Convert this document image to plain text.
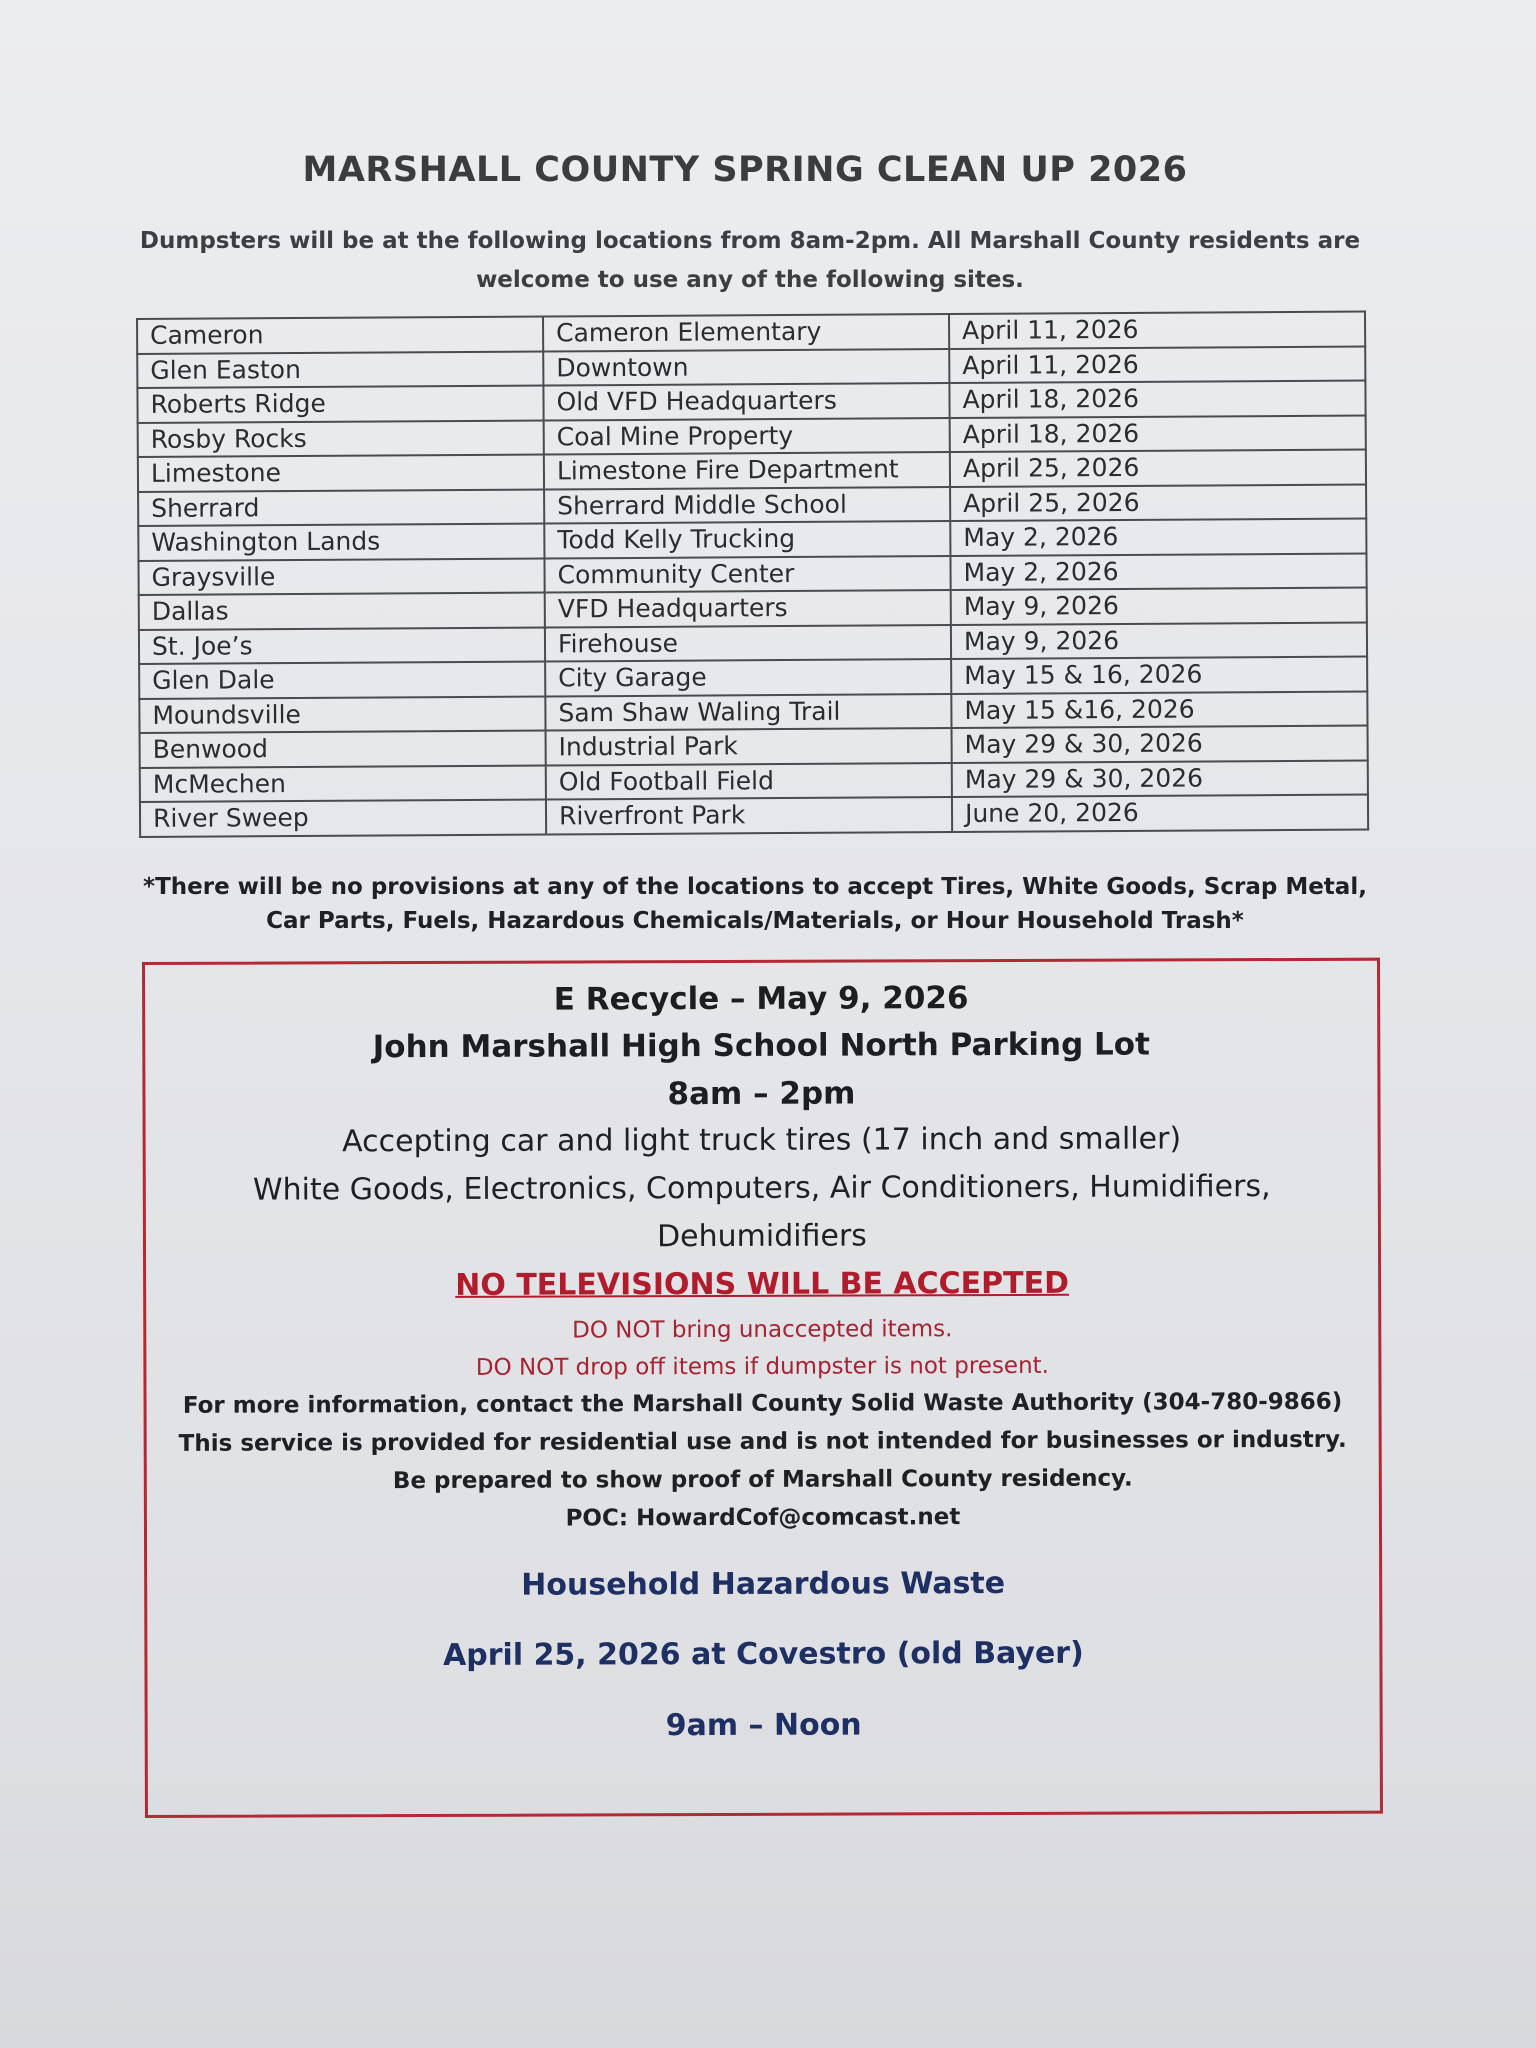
MARSHALL COUNTY SPRING CLEAN UP 2026
Dumpsters will be at the following locations from 8am-2pm. All Marshall County residents are
welcome to use any of the following sites.
Cameron	Cameron Elementary	April 11, 2026
Glen Easton	Downtown	April 11, 2026
Roberts Ridge	Old VFD Headquarters	April 18, 2026
Rosby Rocks	Coal Mine Property	April 18, 2026
Limestone	Limestone Fire Department	April 25, 2026
Sherrard	Sherrard Middle School	April 25, 2026
Washington Lands	Todd Kelly Trucking	May 2, 2026
Graysville	Community Center	May 2, 2026
Dallas	VFD Headquarters	May 9, 2026
St. Joe’s	Firehouse	May 9, 2026
Glen Dale	City Garage	May 15 & 16, 2026
Moundsville	Sam Shaw Waling Trail	May 15 &16, 2026
Benwood	Industrial Park	May 29 & 30, 2026
McMechen	Old Football Field	May 29 & 30, 2026
River Sweep	Riverfront Park	June 20, 2026
*There will be no provisions at any of the locations to accept Tires, White Goods, Scrap Metal,
Car Parts, Fuels, Hazardous Chemicals/Materials, or Hour Household Trash*
E Recycle – May 9, 2026
John Marshall High School North Parking Lot
8am – 2pm
Accepting car and light truck tires (17 inch and smaller)
White Goods, Electronics, Computers, Air Conditioners, Humidifiers,
Dehumidifiers
NO TELEVISIONS WILL BE ACCEPTED
DO NOT bring unaccepted items.
DO NOT drop off items if dumpster is not present.
For more information, contact the Marshall County Solid Waste Authority (304-780-9866)
This service is provided for residential use and is not intended for businesses or industry.
Be prepared to show proof of Marshall County residency.
POC: HowardCof@comcast.net
Household Hazardous Waste
April 25, 2026 at Covestro (old Bayer)
9am – Noon
